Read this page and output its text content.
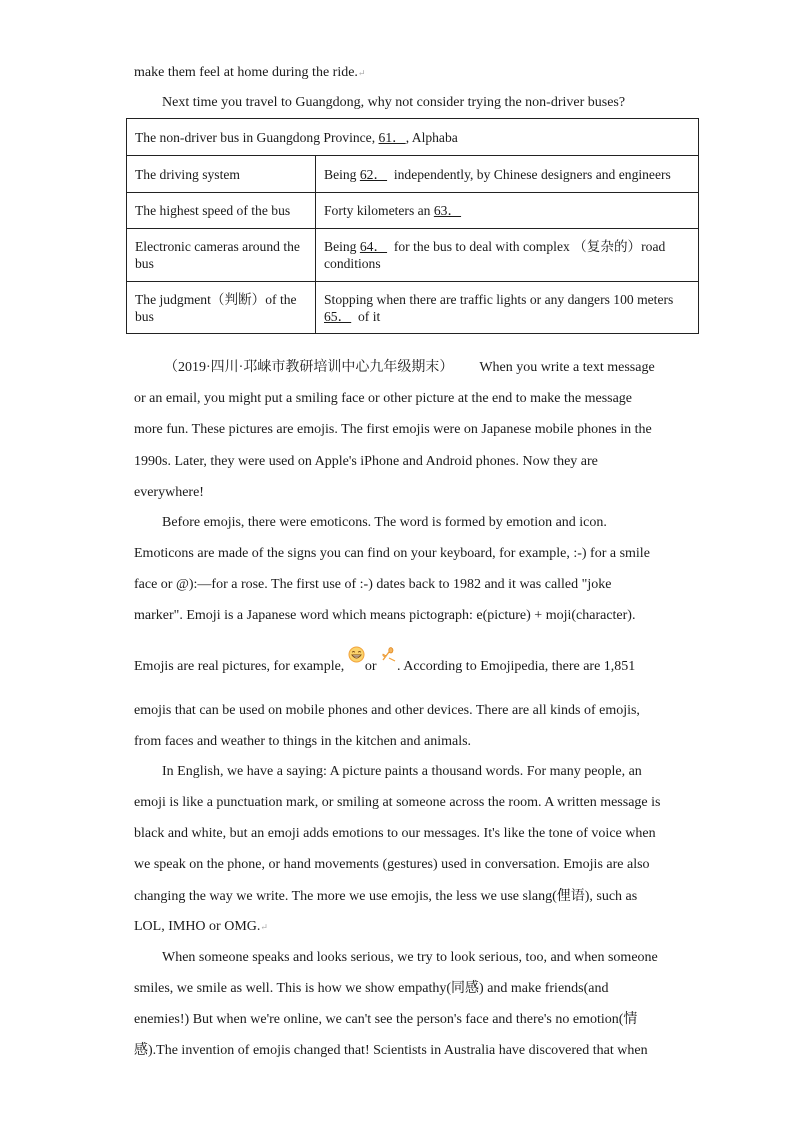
make them feel at home during the ride.↵
Next time you travel to Guangdong, why not consider trying the non-driver buses?
The non-driver bus in Guangdong Province, 61．, Alphaba	
The driving system	Being 62．  independently, by Chinese designers and engineers
The highest speed of the bus	Forty kilometers an 63．
Electronic cameras around the bus	Being 64．  for the bus to deal with complex （复杂的）road conditions
The judgment（判断）of the bus	Stopping when there are traffic lights or any dangers 100 meters
65．  of it
（2019·四川·邛崃市教研培训中心九年级期末） When you write a text message
or an email, you might put a smiling face or other picture at the end to make the message
more fun. These pictures are emojis. The first emojis were on Japanese mobile phones in the
1990s. Later, they were used on Apple's iPhone and Android phones. Now they are
everywhere!
Before emojis, there were emoticons. The word is formed by emotion and icon.
Emoticons are made of the signs you can find on your keyboard, for example, :-) for a smile
face or @):—for a rose. The first use of :-) dates back to 1982 and it was called "joke
marker". Emoji is a Japanese word which means pictograph: e(picture) + moji(character).
Emojis are real pictures, for example, or . According to Emojipedia, there are 1,851
emojis that can be used on mobile phones and other devices. There are all kinds of emojis,
from faces and weather to things in the kitchen and animals.
In English, we have a saying: A picture paints a thousand words. For many people, an
emoji is like a punctuation mark, or smiling at someone across the room. A written message is
black and white, but an emoji adds emotions to our messages. It's like the tone of voice when
we speak on the phone, or hand movements (gestures) used in conversation. Emojis are also
changing the way we write. The more we use emojis, the less we use slang(俚语), such as
LOL, IMHO or OMG.↵
When someone speaks and looks serious, we try to look serious, too, and when someone
smiles, we smile as well. This is how we show empathy(同感) and make friends(and
enemies!) But when we're online, we can't see the person's face and there's no emotion(情
感).The invention of emojis changed that! Scientists in Australia have discovered that when
